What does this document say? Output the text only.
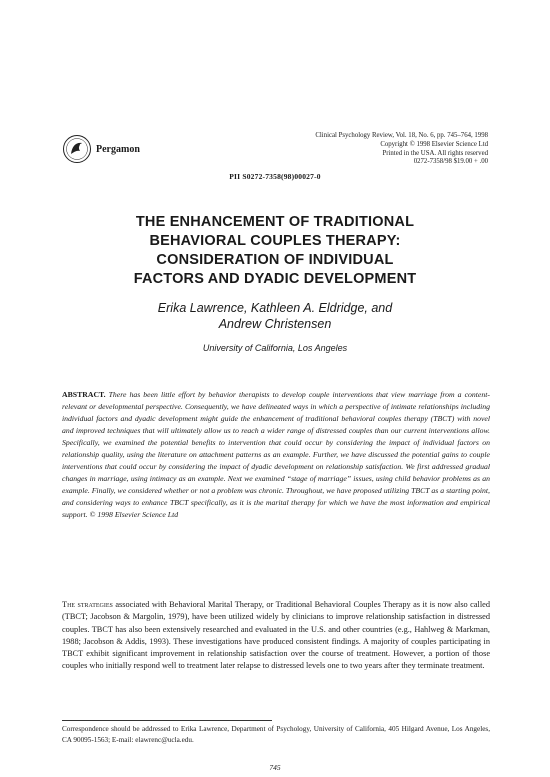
Pergamon
Clinical Psychology Review, Vol. 18, No. 6, pp. 745–764, 1998
Copyright © 1998 Elsevier Science Ltd
Printed in the USA. All rights reserved
0272-7358/98 $19.00 + .00
PII S0272-7358(98)00027-0
THE ENHANCEMENT OF TRADITIONAL
BEHAVIORAL COUPLES THERAPY:
CONSIDERATION OF INDIVIDUAL
FACTORS AND DYADIC DEVELOPMENT
Erika Lawrence, Kathleen A. Eldridge, and
Andrew Christensen
University of California, Los Angeles
ABSTRACT. There has been little effort by behavior therapists to develop couple interventions that view marriage from a content-relevant or developmental perspective. Consequently, we have delineated ways in which a perspective of intimate relationships including individual factors and dyadic development might guide the enhancement of traditional behavioral couples therapy (TBCT) with novel and improved techniques that will ultimately allow us to reach a wider range of distressed couples than our current interventions allow. Specifically, we examined the potential benefits to intervention that could occur by considering the impact of individual factors on relationship quality, using the literature on attachment patterns as an example. Further, we have discussed the potential gains to couple interventions that could occur by considering the impact of dyadic development on relationship satisfaction. We first addressed gradual changes in marriage, using intimacy as an example. Next we examined “stage of marriage” issues, using child behavior problems as an example. Finally, we considered whether or not a problem was chronic. Throughout, we have proposed utilizing TBCT as a starting point, and considering ways to enhance TBCT specifically, as it is the marital therapy for which we have the most information and empirical support. © 1998 Elsevier Science Ltd
The strategies associated with Behavioral Marital Therapy, or Traditional Behavioral Couples Therapy as it is now also called (TBCT; Jacobson & Margolin, 1979), have been utilized widely by clinicians to improve relationship satisfaction in distressed couples. TBCT has also been extensively researched and evaluated in the U.S. and other countries (e.g., Hahlweg & Markman, 1988; Jacobson & Addis, 1993). These investigations have produced consistent findings. A majority of couples participating in TBCT exhibit significant improvement in relationship satisfaction over the course of treatment. However, a portion of those couples who initially respond well to treatment later relapse to distressed levels one to two years after they terminate treatment.
Correspondence should be addressed to Erika Lawrence, Department of Psychology, University of California, 405 Hilgard Avenue, Los Angeles, CA 90095-1563; E-mail: elawrenc@ucla.edu.
745
